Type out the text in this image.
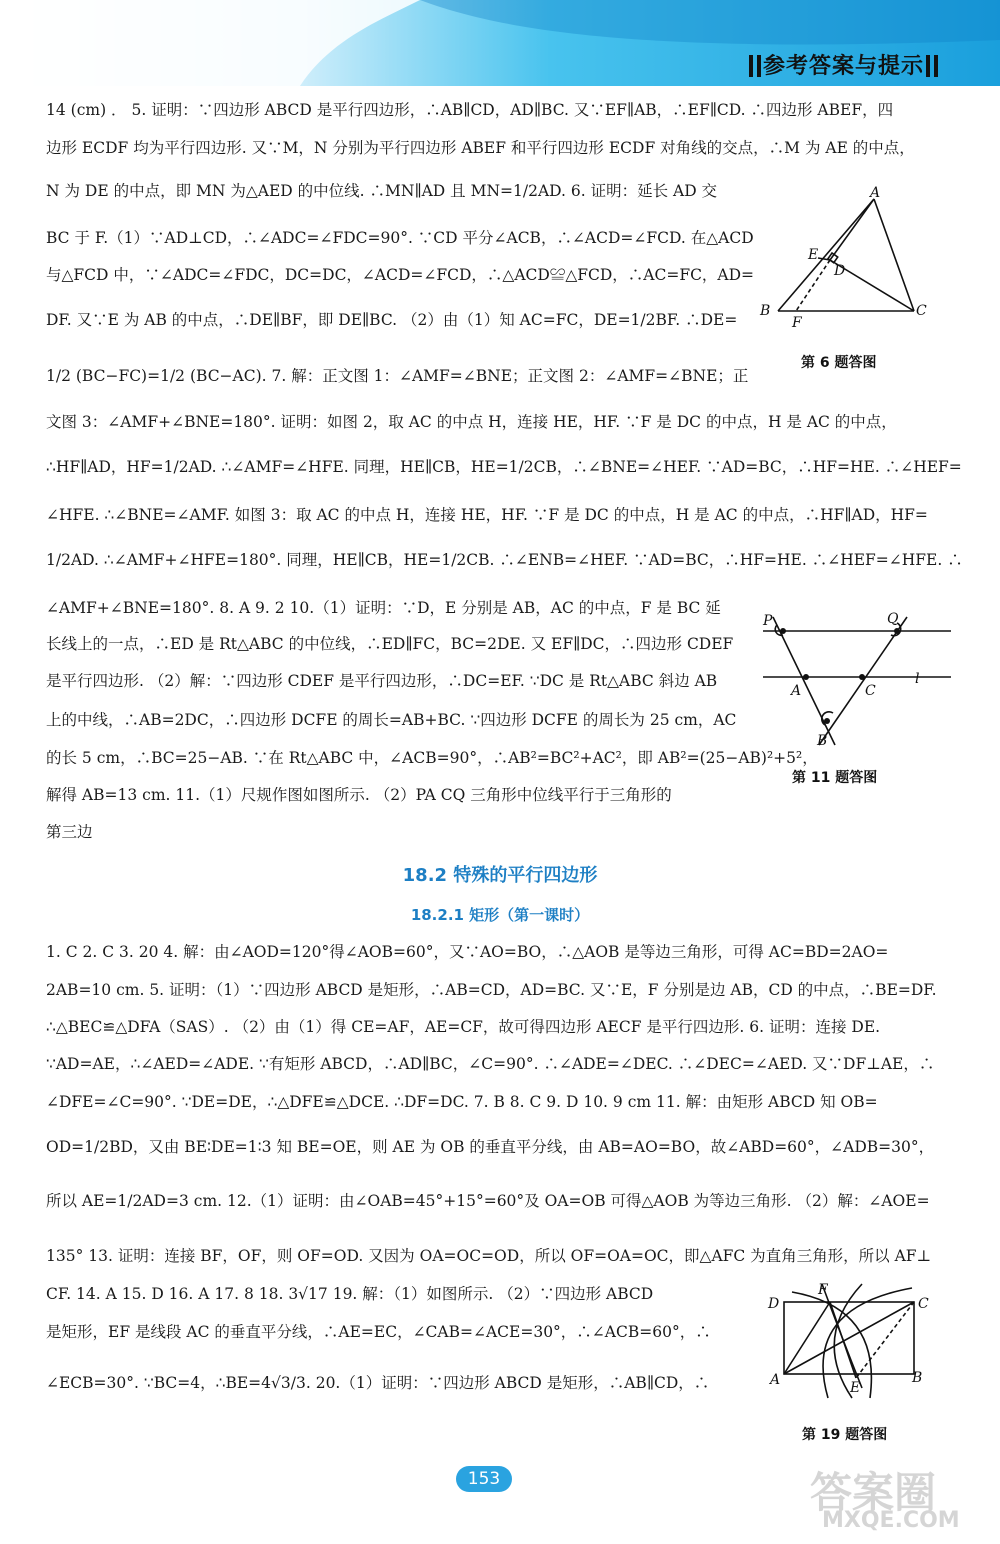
参考答案与提示
14 (cm) ． 5. 证明：∵四边形 ABCD 是平行四边形，∴AB∥CD，AD∥BC. 又∵EF∥AB，∴EF∥CD. ∴四边形 ABEF，四
边形 ECDF 均为平行四边形. 又∵M，N 分别为平行四边形 ABEF 和平行四边形 ECDF 对角线的交点，∴M 为 AE 的中点，
N 为 DE 的中点，即 MN 为△AED 的中位线. ∴MN∥AD 且 MN=1/2AD. 6. 证明：延长 AD 交
BC 于 F.（1）∵AD⊥CD，∴∠ADC=∠FDC=90°. ∵CD 平分∠ACB，∴∠ACD=∠FCD. 在△ACD
与△FCD 中，∵∠ADC=∠FDC，DC=DC，∠ACD=∠FCD，∴△ACD≌△FCD，∴AC=FC，AD=
DF. 又∵E 为 AB 的中点，∴DE∥BF，即 DE∥BC. （2）由（1）知 AC=FC，DE=1/2BF. ∴DE=
1/2 (BC−FC)=1/2 (BC−AC). 7. 解：正文图 1：∠AMF=∠BNE；正文图 2：∠AMF=∠BNE；正
文图 3：∠AMF+∠BNE=180°. 证明：如图 2，取 AC 的中点 H，连接 HE，HF. ∵F 是 DC 的中点，H 是 AC 的中点，
∴HF∥AD，HF=1/2AD. ∴∠AMF=∠HFE. 同理，HE∥CB，HE=1/2CB，∴∠BNE=∠HEF. ∵AD=BC，∴HF=HE. ∴∠HEF=
∠HFE. ∴∠BNE=∠AMF. 如图 3：取 AC 的中点 H，连接 HE，HF. ∵F 是 DC 的中点，H 是 AC 的中点，∴HF∥AD，HF=
1/2AD. ∴∠AMF+∠HFE=180°. 同理，HE∥CB，HE=1/2CB. ∴∠ENB=∠HEF. ∵AD=BC，∴HF=HE. ∴∠HEF=∠HFE. ∴
∠AMF+∠BNE=180°. 8. A 9. 2 10.（1）证明：∵D，E 分别是 AB，AC 的中点，F 是 BC 延
长线上的一点，∴ED 是 Rt△ABC 的中位线，∴ED∥FC，BC=2DE. 又 EF∥DC，∴四边形 CDEF
是平行四边形. （2）解：∵四边形 CDEF 是平行四边形，∴DC=EF. ∵DC 是 Rt△ABC 斜边 AB
上的中线，∴AB=2DC，∴四边形 DCFE 的周长=AB+BC. ∵四边形 DCFE 的周长为 25 cm，AC
的长 5 cm，∴BC=25−AB. ∵在 Rt△ABC 中，∠ACB=90°，∴AB²=BC²+AC²，即 AB²=(25−AB)²+5²，
解得 AB=13 cm. 11.（1）尺规作图如图所示. （2）PA CQ 三角形中位线平行于三角形的
第三边
18.2 特殊的平行四边形
18.2.1 矩形（第一课时）
1. C 2. C 3. 20 4. 解：由∠AOD=120°得∠AOB=60°，又∵AO=BO，∴△AOB 是等边三角形，可得 AC=BD=2AO=
2AB=10 cm. 5. 证明：（1）∵四边形 ABCD 是矩形，∴AB=CD，AD=BC. 又∵E，F 分别是边 AB，CD 的中点，∴BE=DF.
∴△BEC≌△DFA（SAS）. （2）由（1）得 CE=AF，AE=CF，故可得四边形 AECF 是平行四边形. 6. 证明：连接 DE.
∵AD=AE，∴∠AED=∠ADE. ∵有矩形 ABCD，∴AD∥BC，∠C=90°. ∴∠ADE=∠DEC. ∴∠DEC=∠AED. 又∵DF⊥AE，∴
∠DFE=∠C=90°. ∵DE=DE，∴△DFE≌△DCE. ∴DF=DC. 7. B 8. C 9. D 10. 9 cm 11. 解：由矩形 ABCD 知 OB=
OD=1/2BD，又由 BE∶DE=1∶3 知 BE=OE，则 AE 为 OB 的垂直平分线，由 AB=AO=BO，故∠ABD=60°，∠ADB=30°，
所以 AE=1/2AD=3 cm. 12.（1）证明：由∠OAB=45°+15°=60°及 OA=OB 可得△AOB 为等边三角形. （2）解：∠AOE=
135° 13. 证明：连接 BF，OF，则 OF=OD. 又因为 OA=OC=OD，所以 OF=OA=OC，即△AFC 为直角三角形，所以 AF⊥
CF. 14. A 15. D 16. A 17. 8 18. 3√17 19. 解：（1）如图所示. （2）∵四边形 ABCD
是矩形，EF 是线段 AC 的垂直平分线，∴AE=EC，∠CAB=∠ACE=30°，∴∠ACB=60°，∴
∠ECB=30°. ∵BC=4，∴BE=4√3/3. 20.（1）证明：∵四边形 ABCD 是矩形，∴AB∥CD，∴
A
E
D
B
F
C
第 6 题答图
P	Q
A	C
l
B
第 11 题答图
D
F
C
A	E
B
第 19 题答图
153	答案圈
MXQE.COM
